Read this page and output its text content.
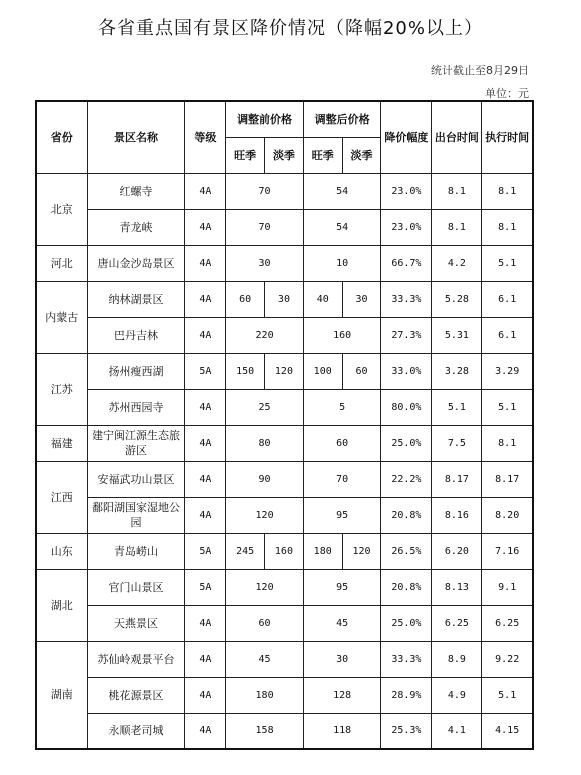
各省重点国有景区降价情况（降幅20%以上）
统计截止至8月29日
单位：元
省份	景区名称	等级	调整前价格		调整后价格		降价幅度	出台时间	执行时间
			旺季	淡季	旺季	淡季			
北京	红螺寺	4A	70		54		23.0%	8.1	8.1
	青龙峡	4A	70		54		23.0%	8.1	8.1
河北	唐山金沙岛景区	4A	30		10		66.7%	4.2	5.1
内蒙古	纳林湖景区	4A	60	30	40	30	33.3%	5.28	6.1
	巴丹吉林	4A	220		160		27.3%	5.31	6.1
江苏	扬州瘦西湖	5A	150	120	100	60	33.0%	3.28	3.29
	苏州西园寺	4A	25		5		80.0%	5.1	5.1
福建	建宁闽江源生态旅游区	4A	80		60		25.0%	7.5	8.1
江西	安福武功山景区	4A	90		70		22.2%	8.17	8.17
	鄱阳湖国家湿地公园	4A	120		95		20.8%	8.16	8.20
山东	青岛崂山	5A	245	160	180	120	26.5%	6.20	7.16
湖北	官门山景区	5A	120		95		20.8%	8.13	9.1
	天燕景区	4A	60		45		25.0%	6.25	6.25
湖南	苏仙岭观景平台	4A	45		30		33.3%	8.9	9.22
	桃花源景区	4A	180		128		28.9%	4.9	5.1
	永顺老司城	4A	158		118		25.3%	4.1	4.15
